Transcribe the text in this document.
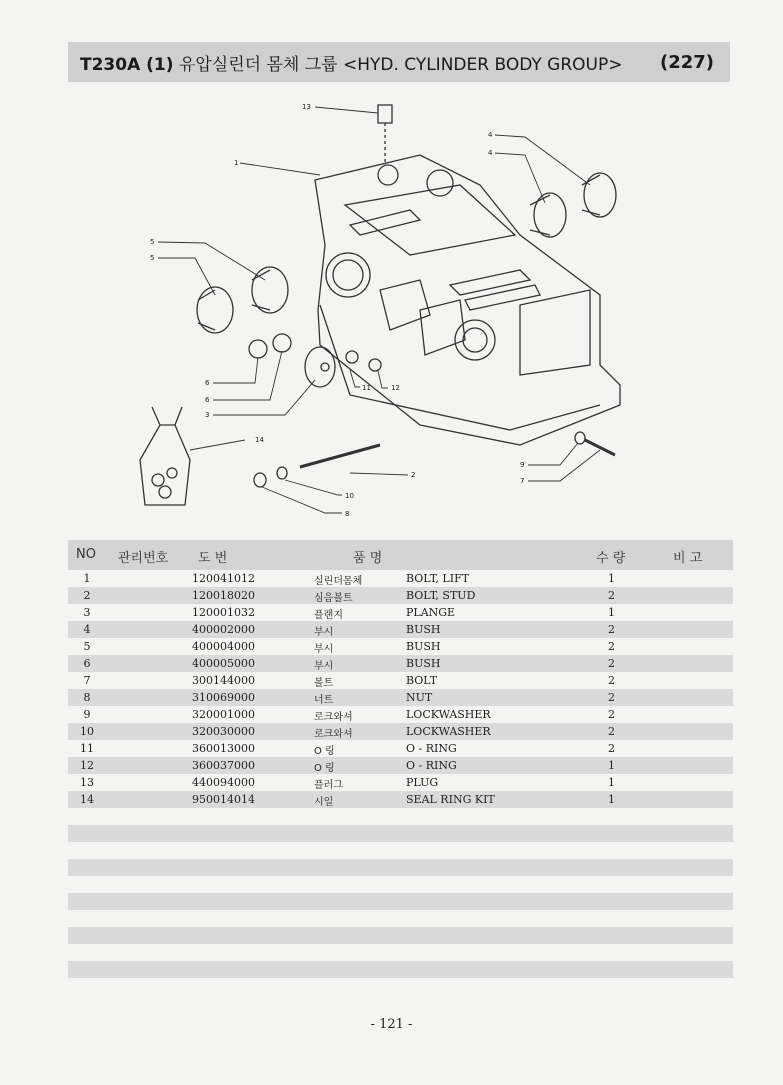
T230A (1) 유압실린더 몸체 그룹 <HYD. CYLINDER BODY GROUP> (227)
13
1
4
4
5
5
6
6
3
11	12
14
2
10
8
9
7
NO 관리번호 도 번	품 명	수 량	비 고
1	120041012	실린더몸체	BOLT, LIFT	1
2	120018020	심음볼트	BOLT, STUD	2
3	120001032	플랜지	PLANGE	1
4	400002000	부시	BUSH	2
5	400004000	부시	BUSH	2
6	400005000	부시	BUSH	2
7	300144000	볼트	BOLT	2
8	310069000	너트	NUT	2
9	320001000	로크와셔	LOCKWASHER	2
10	320030000	로크와셔	LOCKWASHER	2
11	360013000	O 링	O - RING	2
12	360037000	O 링	O - RING	1
13	440094000	플러그	PLUG	1
14	950014014	시일	SEAL RING KIT	1
- 121 -
